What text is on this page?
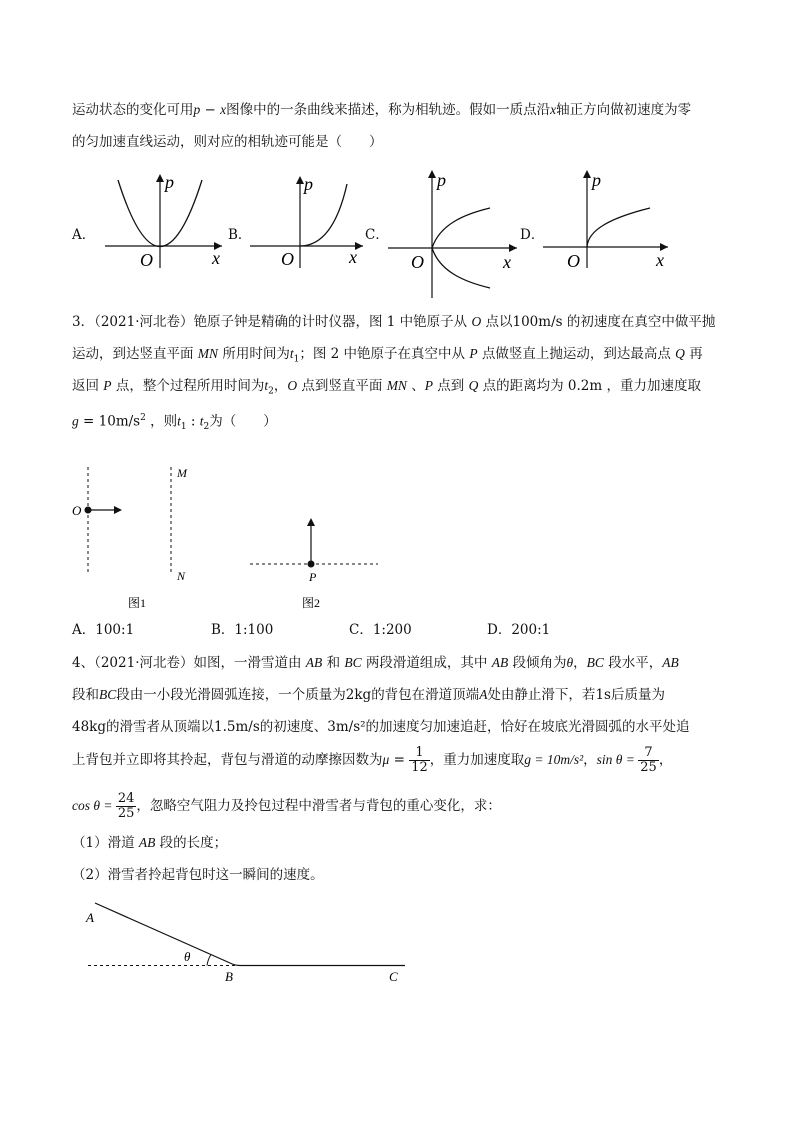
运动状态的变化可用p − x图像中的一条曲线来描述，称为相轨迹。假如一质点沿x轴正方向做初速度为零
的匀加速直线运动，则对应的相轨迹可能是（　　）
A．	B．	C．	D．
p
x
O
p
x
O
p
x
O
p
x
O
3．（2021·河北卷）铯原子钟是精确的计时仪器，图 1 中铯原子从 O 点以100m/s 的初速度在真空中做平抛
运动，到达竖直平面 MN 所用时间为$t_1$；图 2 中铯原子在真空中从 P 点做竖直上抛运动，到达最高点 Q 再
返回 P 点，整个过程所用时间为$t_2$，O 点到竖直平面 MN 、P 点到 Q 点的距离均为 0.2m ，重力加速度取
$g = 10m/s^2$ ，则$t_1$ : $t_2$为（　　）
O
M
N
图1
P
图2
A．100:1	B．1:100	C．1:200	D．200:1
4、（2021·河北卷）如图，一滑雪道由 AB 和 BC 两段滑道组成，其中 AB 段倾角为θ，BC 段水平，AB
段和BC段由一小段光滑圆弧连接，一个质量为2kg的背包在滑道顶端A处由静止滑下，若1s后质量为
48kg的滑雪者从顶端以1.5m/s的初速度、3m/s²的加速度匀加速追赶，恰好在坡底光滑圆弧的水平处追
上背包并立即将其拎起，背包与滑道的动摩擦因数为$\mu = \frac{1}{12}$ ，重力加速度取g = 10m/s²，$\sin \theta = \frac{7}{25}$ ，
$\cos \theta = \frac{24}{25}$ ，忽略空气阻力及拎包过程中滑雪者与背包的重心变化，求：
（1）滑道 AB 段的长度；
（2）滑雪者拎起背包时这一瞬间的速度。
A
B	C
θ
